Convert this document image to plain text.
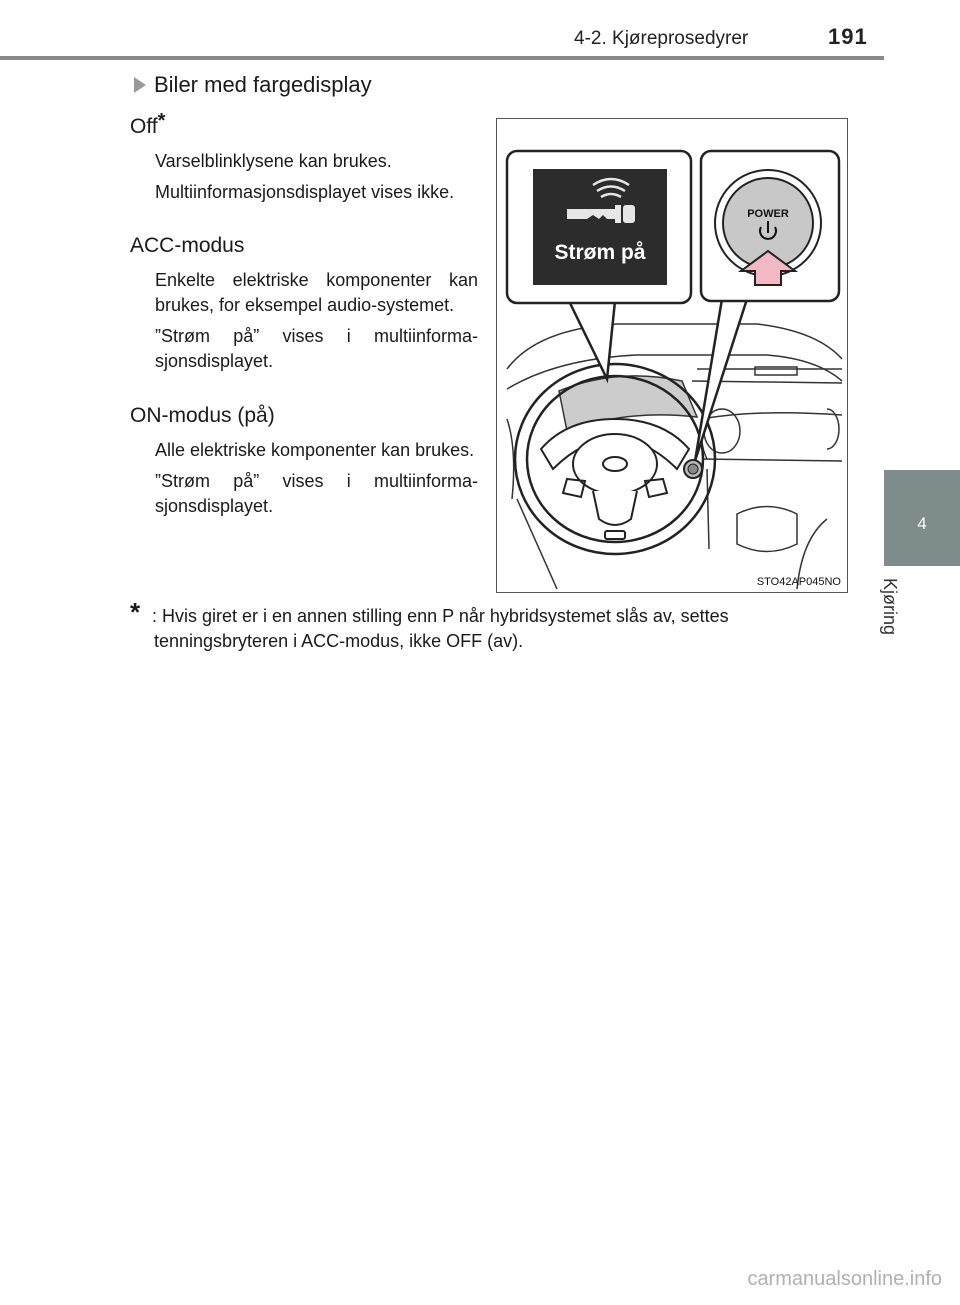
4-2. Kjøreprosedyrer	191
4
Kjøring
Biler med fargedisplay
Off*
Varselblinklysene kan brukes.
Multiinformasjonsdisplayet vises ikke.
ACC-modus
Enkelte elektriske komponenter kan brukes, for eksempel audio-systemet.
”Strøm på” vises i multiinforma-sjonsdisplayet.
ON-modus (på)
Alle elektriske komponenter kan brukes.
”Strøm på” vises i multiinforma-sjonsdisplayet.
Strøm på
POWER
STO42AP045NO
* : Hvis giret er i en annen stilling enn P når hybridsystemet slås av, settes
tenningsbryteren i ACC-modus, ikke OFF (av).
carmanualsonline.info
